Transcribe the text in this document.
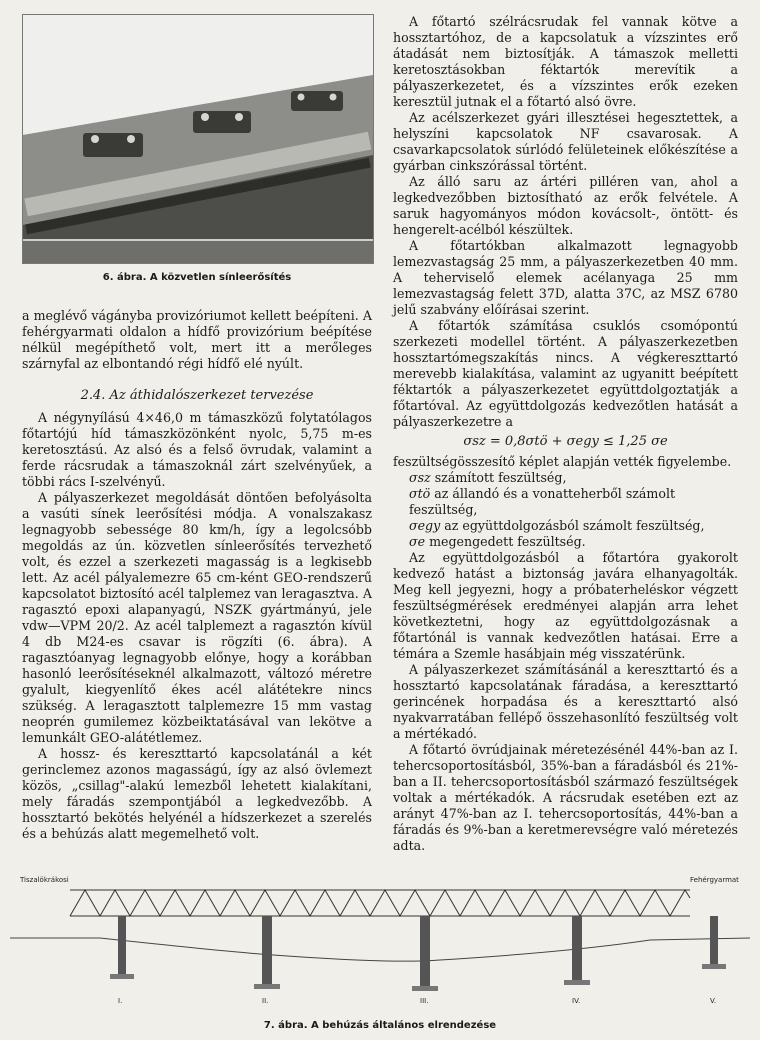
6. ábra. A közvetlen sínleerősítés

a meglévő vágányba provizóriumot kellett beépíteni. A fehérgyarmati oldalon a hídfő provizórium beépítése nélkül megépíthető volt, mert itt a merőleges szárnyfal az elbontandó régi hídfő elé nyúlt.

2.4. Az áthidalószerkezet tervezése

A négynyílású 4×46,0 m támaszközű folytatólagos főtartójú híd támaszközönként nyolc, 5,75 m-es keretosztású. Az alsó és a felső övrudak, valamint a ferde rácsrudak a támaszoknál zárt szelvényűek, a többi rács I-szelvényű.

A pályaszerkezet megoldását döntően befolyásolta a vasúti sínek leerősítési módja. A vonalszakasz legnagyobb sebessége 80 km/h, így a legolcsóbb megoldás az ún. közvetlen sínleerősítés tervezhető volt, és ezzel a szerkezeti magasság is a legkisebb lett. Az acél pályalemezre 65 cm-ként GEO-rendszerű kapcsolatot biztosító acél talplemez van leragasztva. A ragasztó epoxi alapanyagú, NSZK gyártmányú, jele vdw—VPM 20/2. Az acél talplemezt a ragasztón kívül 4 db M24-es csavar is rögzíti (6. ábra). A ragasztóanyag legnagyobb előnye, hogy a korábban hasonló leerősítéseknél alkalmazott, változó méretre gyalult, kiegyenlítő ékes acél alátétekre nincs szükség. A leragasztott talplemezre 15 mm vastag neoprén gumilemez közbeiktatásával van lekötve a lemunkált GEO-alátétlemez.

A hossz- és kereszttartó kapcsolatánál a két gerinclemez azonos magasságú, így az alsó övlemezt közös, „csillag"-alakú lemezből lehetett kialakítani, mely fáradás szempontjából a legkedvezőbb. A hossztartó bekötés helyénél a hídszerkezet a szerelés és a behúzás alatt megemelhető volt.

A főtartó szélrácsrudak fel vannak kötve a hossztartóhoz, de a kapcsolatuk a vízszintes erő átadását nem biztosítják. A támaszok melletti keretosztásokban féktartók merevítik a pályaszerkezetet, és a vízszintes erők ezeken keresztül jutnak el a főtartó alsó övre.

Az acélszerkezet gyári illesztései hegesztettek, a helyszíni kapcsolatok NF csavarosak. A csavarkapcsolatok súrlódó felületeinek előkészítése a gyárban cinkszórással történt.

Az álló saru az ártéri pilléren van, ahol a legkedvezőbben biztosítható az erők felvétele. A saruk hagyományos módon kovácsolt-, öntött- és hengerelt-acélból készültek.

A főtartókban alkalmazott legnagyobb lemezvastagság 25 mm, a pályaszerkezetben 40 mm. A teherviselő elemek acélanyaga 25 mm lemezvastagság felett 37D, alatta 37C, az MSZ 6780 jelű szabvány előírásai szerint.

A főtartók számítása csuklós csomópontú szerkezeti modellel történt. A pályaszerkezetben hossztartómegszakítás nincs. A végkereszttartó merevebb kialakítása, valamint az ugyanitt beépített féktartók a pályaszerkezetet együttdolgoztatják a főtartóval. Az együttdolgozás kedvezőtlen hatását a pályaszerkezetre a

σsz = 0,8σtö + σegy ≤ 1,25 σe

feszültségösszesítő képlet alapján vették figyelembe.

σsz számított feszültség,

σtö az állandó és a vonatteherből számolt feszültség,

σegy az együttdolgozásból számolt feszültség,

σe megengedett feszültség.

Az együttdolgozásból a főtartóra gyakorolt kedvező hatást a biztonság javára elhanyagolták. Meg kell jegyezni, hogy a próbaterheléskor végzett feszültségmérések eredményei alapján arra lehet következtetni, hogy az együttdolgozásnak a főtartónál is vannak kedvezőtlen hatásai. Erre a témára a Szemle hasábjain még visszatérünk.

A pályaszerkezet számításánál a kereszttartó és a hossztartó kapcsolatának fáradása, a kereszttartó gerincének horpadása és a kereszttartó alsó nyakvarratában fellépő összehasonlító feszültség volt a mértékadó.

A főtartó övrúdjainak méretezésénél 44%-ban az I. tehercsoportosításból, 35%-ban a fáradásból és 21%-ban a II. tehercsoportosításból származó feszültségek voltak a mértékadók. A rácsrudak esetében ezt az arányt 47%-ban az I. tehercsoportosítás, 44%-ban a fáradás és 9%-ban a keretmerevségre való méretezés adta.

I.	II.	III.	IV.	V.
Tiszalökrákosi	Fehérgyarmat
7. ábra. A behúzás általános elrendezése
